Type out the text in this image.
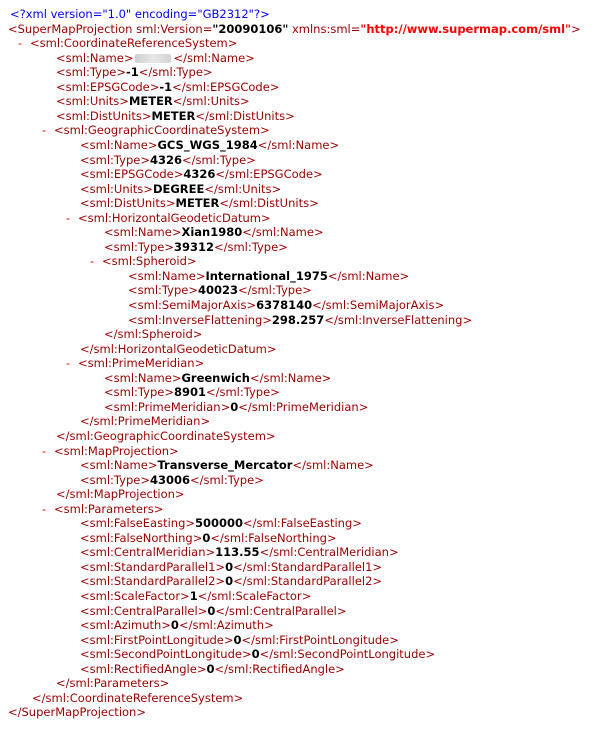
<?xml version="1.0" encoding="GB2312"?>
<SuperMapProjection sml:Version="20090106" xmlns:sml="http://www.supermap.com/sml">
- <sml:CoordinateReferenceSystem>
<sml:Name>	</sml:Name>
<sml:Type>-1</sml:Type>
<sml:EPSGCode>-1</sml:EPSGCode>
<sml:Units>METER</sml:Units>
<sml:DistUnits>METER</sml:DistUnits>
- <sml:GeographicCoordinateSystem>
<sml:Name>GCS_WGS_1984</sml:Name>
<sml:Type>4326</sml:Type>
<sml:EPSGCode>4326</sml:EPSGCode>
<sml:Units>DEGREE</sml:Units>
<sml:DistUnits>METER</sml:DistUnits>
- <sml:HorizontalGeodeticDatum>
<sml:Name>Xian1980</sml:Name>
<sml:Type>39312</sml:Type>
- <sml:Spheroid>
<sml:Name>International_1975</sml:Name>
<sml:Type>40023</sml:Type>
<sml:SemiMajorAxis>6378140</sml:SemiMajorAxis>
<sml:InverseFlattening>298.257</sml:InverseFlattening>
</sml:Spheroid>
</sml:HorizontalGeodeticDatum>
- <sml:PrimeMeridian>
<sml:Name>Greenwich</sml:Name>
<sml:Type>8901</sml:Type>
<sml:PrimeMeridian>0</sml:PrimeMeridian>
</sml:PrimeMeridian>
</sml:GeographicCoordinateSystem>
- <sml:MapProjection>
<sml:Name>Transverse_Mercator</sml:Name>
<sml:Type>43006</sml:Type>
</sml:MapProjection>
- <sml:Parameters>
<sml:FalseEasting>500000</sml:FalseEasting>
<sml:FalseNorthing>0</sml:FalseNorthing>
<sml:CentralMeridian>113.55</sml:CentralMeridian>
<sml:StandardParallel1>0</sml:StandardParallel1>
<sml:StandardParallel2>0</sml:StandardParallel2>
<sml:ScaleFactor>1</sml:ScaleFactor>
<sml:CentralParallel>0</sml:CentralParallel>
<sml:Azimuth>0</sml:Azimuth>
<sml:FirstPointLongitude>0</sml:FirstPointLongitude>
<sml:SecondPointLongitude>0</sml:SecondPointLongitude>
<sml:RectifiedAngle>0</sml:RectifiedAngle>
</sml:Parameters>
</sml:CoordinateReferenceSystem>
</SuperMapProjection>
